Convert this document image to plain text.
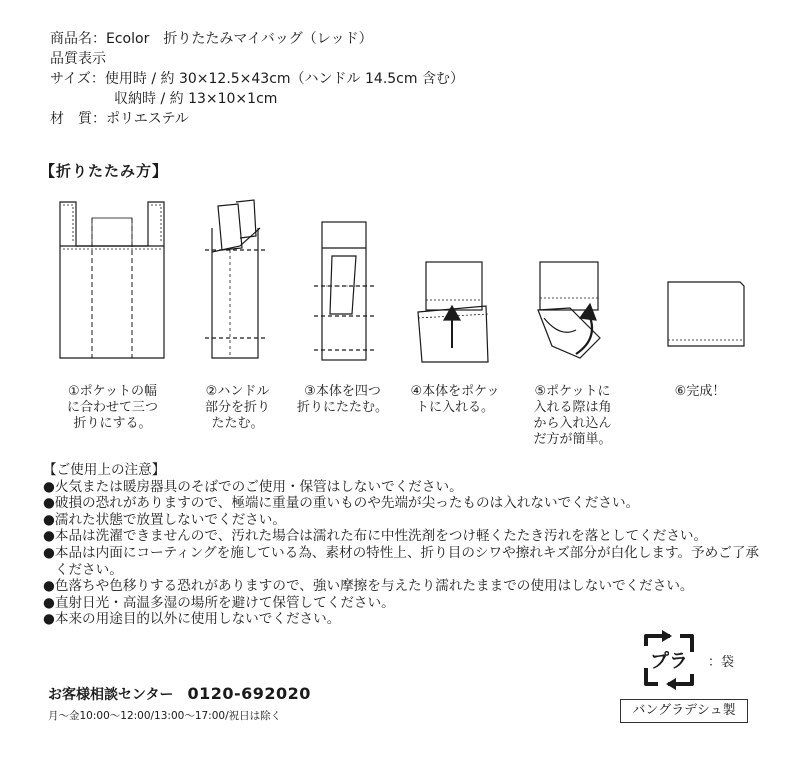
商品名： Ecolor　折りたたみマイバッグ（レッド）
品質表示
サイズ： 使用時 / 約 30×12.5×43cm（ハンドル 14.5cm 含む）
収納時 / 約 13×10×1cm
材　質： ポリエステル
【折りたたみ方】
①ポケットの幅
に合わせて三つ
折りにする。
②ハンドル
部分を折り
たたむ。
③本体を四つ
折りにたたむ。
④本体をポケッ
トに入れる。
⑤ポケットに
入れる際は角
から入れ込ん
だ方が簡単。
⑥完成！
【ご使用上の注意】
● 火気または暖房器具のそばでのご使用・保管はしないでください。
● 破損の恐れがありますので、極端に重量の重いものや先端が尖ったものは入れないでください。
● 濡れた状態で放置しないでください。
● 本品は洗濯できませんので、汚れた場合は濡れた布に中性洗剤をつけ軽くたたき汚れを落としてください。
● 本品は内面にコーティングを施している為、素材の特性上、折り目のシワや擦れキズ部分が白化します。予めご了承ください。
● 色落ちや色移りする恐れがありますので、強い摩擦を与えたり濡れたままでの使用はしないでください。
● 直射日光・高温多湿の場所を避けて保管してください。
● 本来の用途目的以外に使用しないでください。
お客様相談センター 0120-692020
月～金10:00～12:00/13:00～17:00/祝日は除く
プラ ：袋
バングラデシュ製
